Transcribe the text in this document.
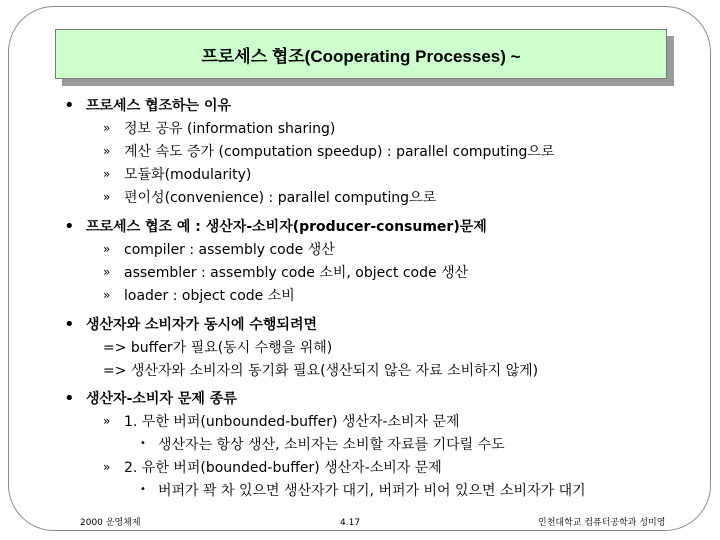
프로세스 협조(Cooperating Processes) ~
• 프로세스 협조하는 이유
» 정보 공유 (information sharing)
» 계산 속도 증가 (computation speedup) : parallel computing으로
» 모듈화(modularity)
» 편이성(convenience) : parallel computing으로
• 프로세스 협조 예 : 생산자-소비자(producer-consumer)문제
» compiler : assembly code 생산
» assembler : assembly code 소비, object code 생산
» loader : object code 소비
• 생산자와 소비자가 동시에 수행되려면
=> buffer가 필요(동시 수행을 위해)
=> 생산자와 소비자의 동기화 필요(생산되지 않은 자료 소비하지 않게)
• 생산자-소비자 문제 종류
» 1. 무한 버퍼(unbounded-buffer) 생산자-소비자 문제
• 생산자는 항상 생산, 소비자는 소비할 자료를 기다릴 수도
» 2. 유한 버퍼(bounded-buffer) 생산자-소비자 문제
• 버퍼가 꽉 차 있으면 생산자가 대기, 버퍼가 비어 있으면 소비자가 대기
2000 운영체제	4.17	인천대학교 컴퓨터공학과 성미영
